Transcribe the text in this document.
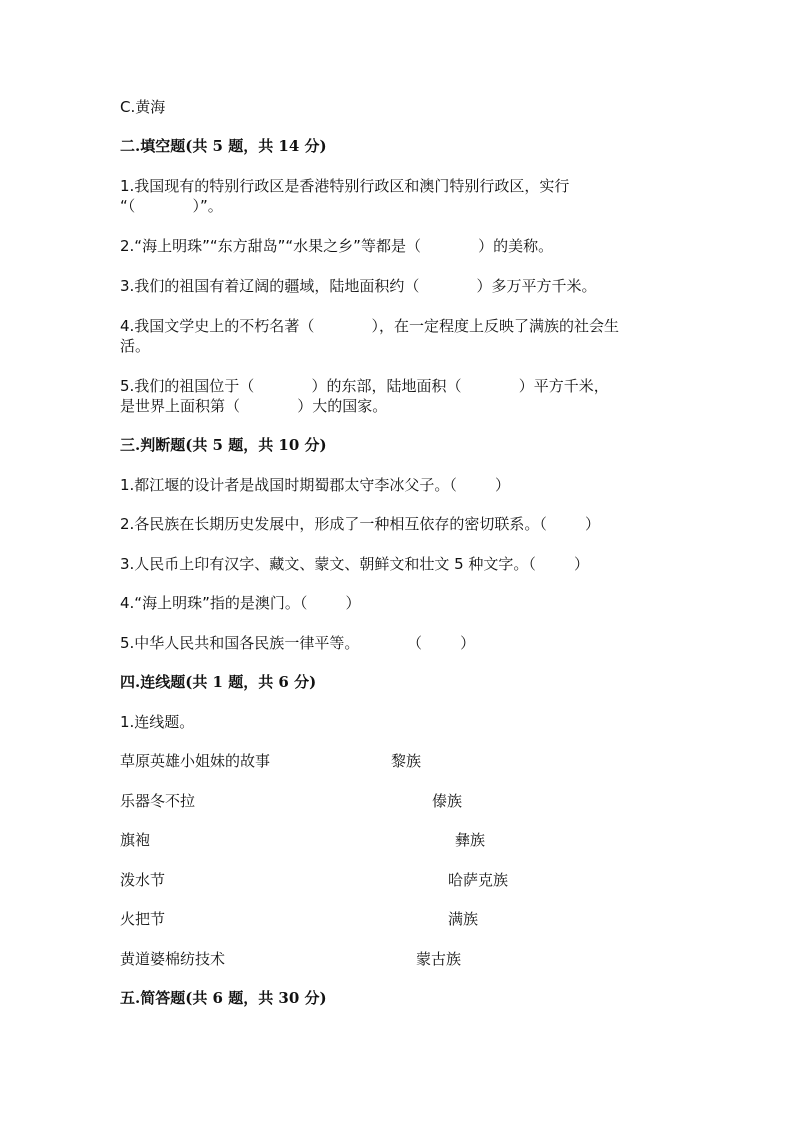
C.黄海
二.填空题(共 5 题，共 14 分)
1.我国现有的特别行政区是香港特别行政区和澳门特别行政区，实行
“（            ）”。
2.“海上明珠”“东方甜岛”“水果之乡”等都是（            ）的美称。
3.我们的祖国有着辽阔的疆域，陆地面积约（            ）多万平方千米。
4.我国文学史上的不朽名著（            ），在一定程度上反映了满族的社会生
活。
5.我们的祖国位于（            ）的东部，陆地面积（            ）平方千米，
是世界上面积第（            ）大的国家。
三.判断题(共 5 题，共 10 分)
1.都江堰的设计者是战国时期蜀郡太守李冰父子。（        ）
2.各民族在长期历史发展中，形成了一种相互依存的密切联系。（        ）
3.人民币上印有汉字、藏文、蒙文、朝鲜文和壮文 5 种文字。（        ）
4.“海上明珠”指的是澳门。（        ）
5.中华人民共和国各民族一律平等。          （        ）
四.连线题(共 1 题，共 6 分)
1.连线题。
草原英雄小姐妹的故事	黎族
乐器冬不拉	傣族
旗袍	彝族
泼水节	哈萨克族
火把节	满族
黄道婆棉纺技术	蒙古族
五.简答题(共 6 题，共 30 分)
